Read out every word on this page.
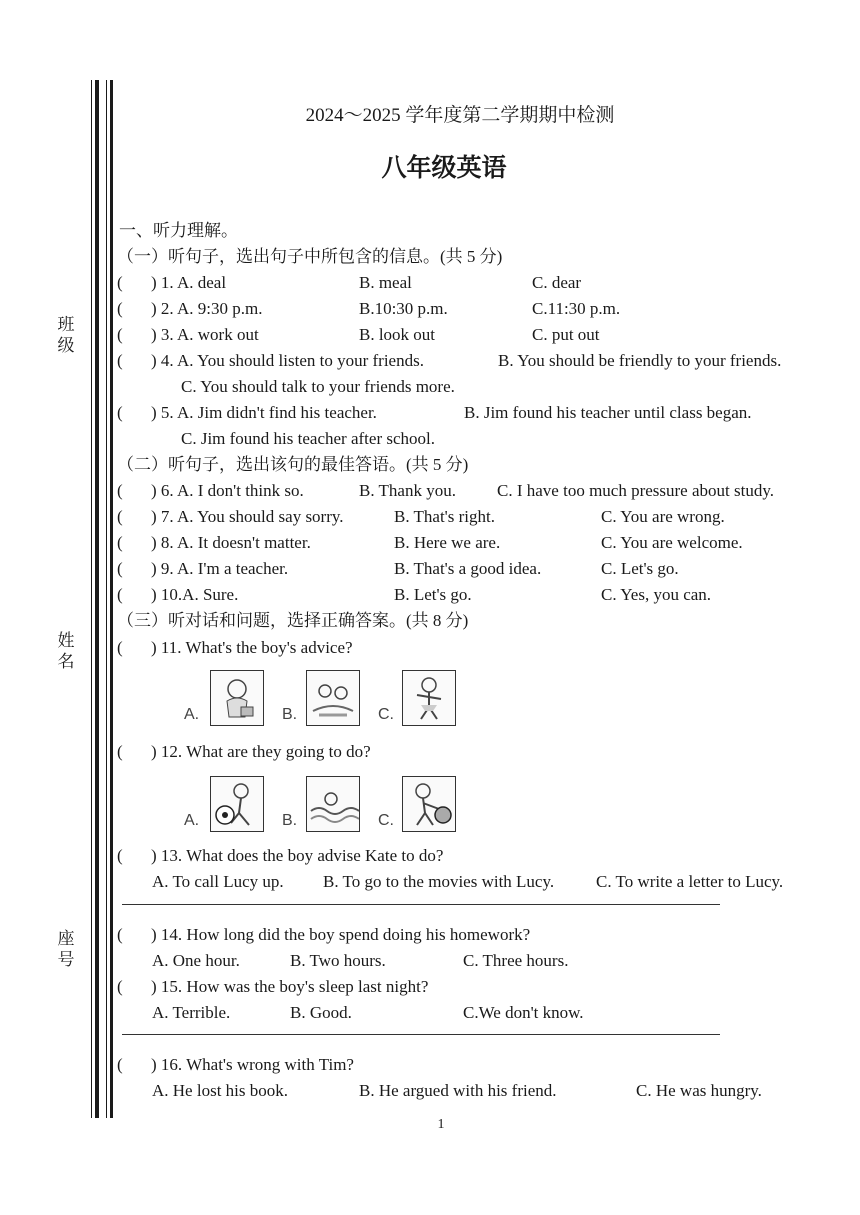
班
级
姓
名
座
号
2024～2025 学年度第二学期期中检测
八年级英语
一、听力理解。
（一）听句子，选出句子中所包含的信息。(共 5 分)
( ) 1. A. deal	B. meal	C. dear
( ) 2. A. 9:30 p.m.	B.10:30 p.m.	C.11:30 p.m.
( ) 3. A. work out	B. look out	C. put out
( ) 4. A. You should listen to your friends.	B. You should be friendly to your friends.
C. You should talk to your friends more.
( ) 5. A. Jim didn't find his teacher.	B. Jim found his teacher until class began.
C. Jim found his teacher after school.
（二）听句子，选出该句的最佳答语。(共 5 分)
( ) 6. A. I don't think so.	B. Thank you. C. I have too much pressure about study.
( ) 7. A. You should say sorry.	B. That's right.	C. You are wrong.
( ) 8. A. It doesn't matter.	B. Here we are.	C. You are welcome.
( ) 9. A. I'm a teacher.	B. That's a good idea.	C. Let's go.
( ) 10.A. Sure.	B. Let's go.	C. Yes, you can.
（三）听对话和问题，选择正确答案。(共 8 分)
( ) 11. What's the boy's advice?
A.	B.	C.
( ) 12. What are they going to do?
A.	B.	C.
( ) 13. What does the boy advise Kate to do?
A. To call Lucy up. B. To go to the movies with Lucy. C. To write a letter to Lucy.
( ) 14. How long did the boy spend doing his homework?
A. One hour.	B. Two hours.	C. Three hours.
( ) 15. How was the boy's sleep last night?
A. Terrible.	B. Good.	C.We don't know.
( ) 16. What's wrong with Tim?
A. He lost his book.	B. He argued with his friend.	C. He was hungry.
1
